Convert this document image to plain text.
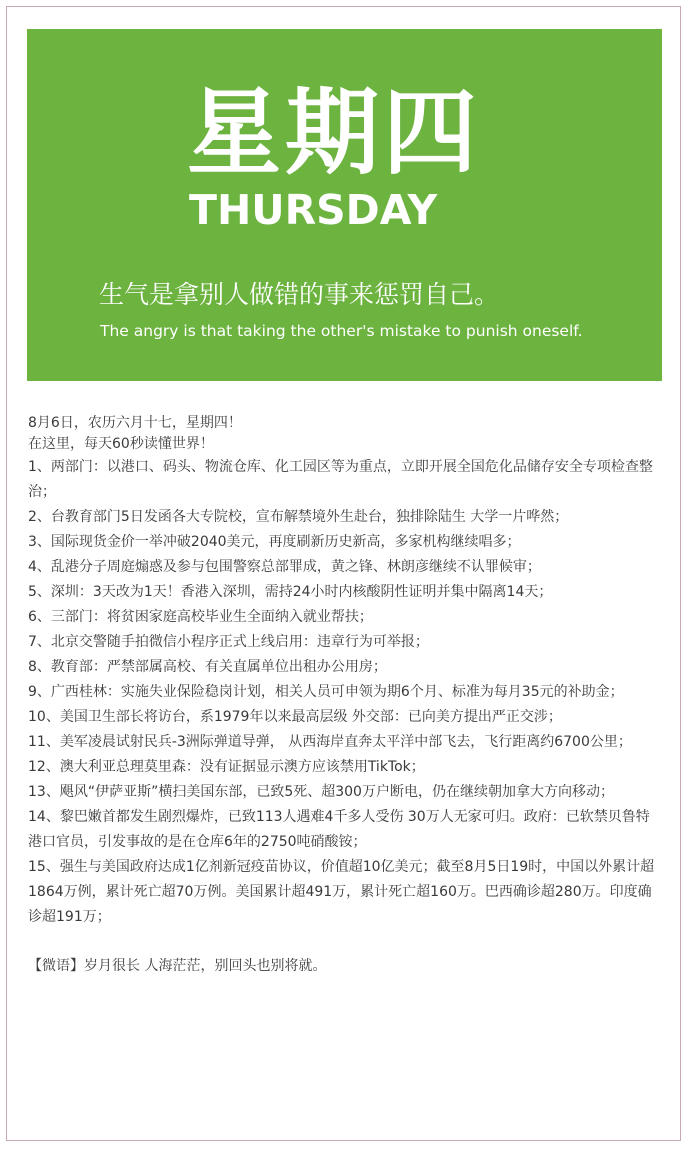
星期四
THURSDAY
生气是拿别人做错的事来惩罚自己。
The angry is that taking the other's mistake to punish oneself.

8月6日，农历六月十七，星期四！

在这里，每天60秒读懂世界！

1、两部门：以港口、码头、物流仓库、化工园区等为重点，立即开展全国危化品储存安全专项检查整治；

2、台教育部门5日发函各大专院校，宣布解禁境外生赴台，独排除陆生 大学一片哗然；

3、国际现货金价一举冲破2040美元，再度刷新历史新高，多家机构继续唱多；

4、乱港分子周庭煽惑及参与包围警察总部罪成，黄之锋、林朗彦继续不认罪候审；

5、深圳：3天改为1天！香港入深圳，需持24小时内核酸阴性证明并集中隔离14天；

6、三部门：将贫困家庭高校毕业生全面纳入就业帮扶；

7、北京交警随手拍微信小程序正式上线启用：违章行为可举报；

8、教育部：严禁部属高校、有关直属单位出租办公用房；

9、广西桂林：实施失业保险稳岗计划，相关人员可申领为期6个月、标准为每月35元的补助金；

10、美国卫生部长将访台，系1979年以来最高层级 外交部：已向美方提出严正交涉；

11、美军凌晨试射民兵-3洲际弹道导弹， 从西海岸直奔太平洋中部飞去，飞行距离约6700公里；

12、澳大利亚总理莫里森：没有证据显示澳方应该禁用TikTok；

13、飓风“伊萨亚斯”横扫美国东部，已致5死、超300万户断电，仍在继续朝加拿大方向移动；

14、黎巴嫩首都发生剧烈爆炸，已致113人遇难4千多人受伤 30万人无家可归。政府：已软禁贝鲁特港口官员，引发事故的是在仓库6年的2750吨硝酸铵；

15、强生与美国政府达成1亿剂新冠疫苗协议，价值超10亿美元；截至8月5日19时，中国以外累计超1864万例，累计死亡超70万例。美国累计超491万，累计死亡超160万。巴西确诊超280万。印度确诊超191万；

【微语】岁月很长 人海茫茫，别回头也别将就。
